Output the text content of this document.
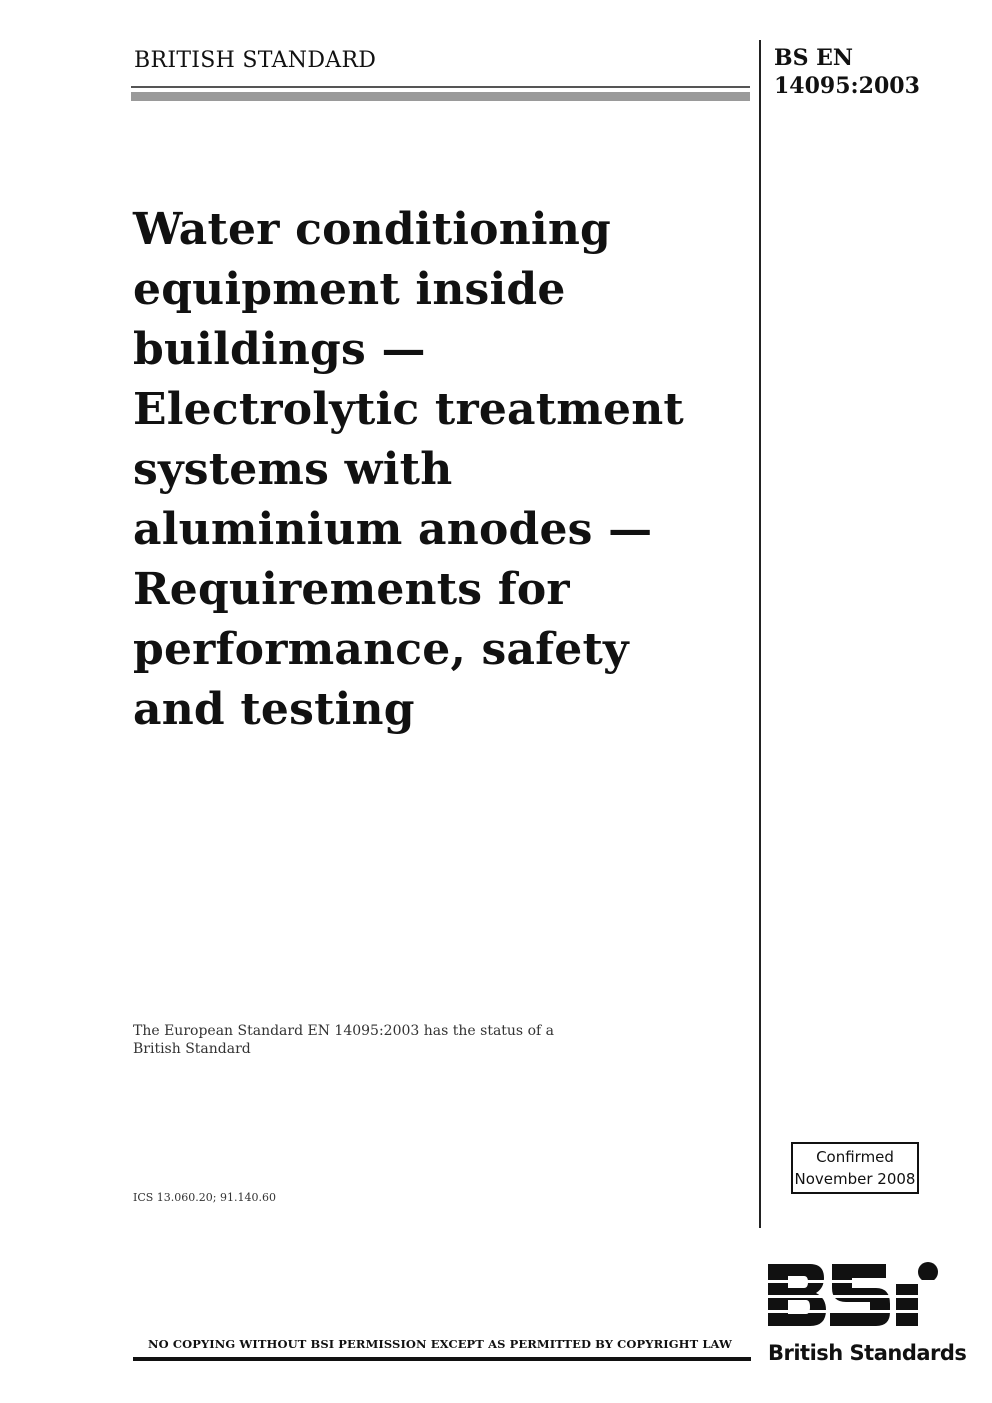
BRITISH STANDARD	BS EN
14095:2003
Water conditioning
equipment inside
buildings —
Electrolytic treatment
systems with
aluminium anodes —
Requirements for
performance, safety
and testing
The European Standard EN 14095:2003 has the status of a
British Standard
ICS 13.060.20; 91.140.60
Confirmed
November 2008
British Standards
NO COPYING WITHOUT BSI PERMISSION EXCEPT AS PERMITTED BY COPYRIGHT LAW
